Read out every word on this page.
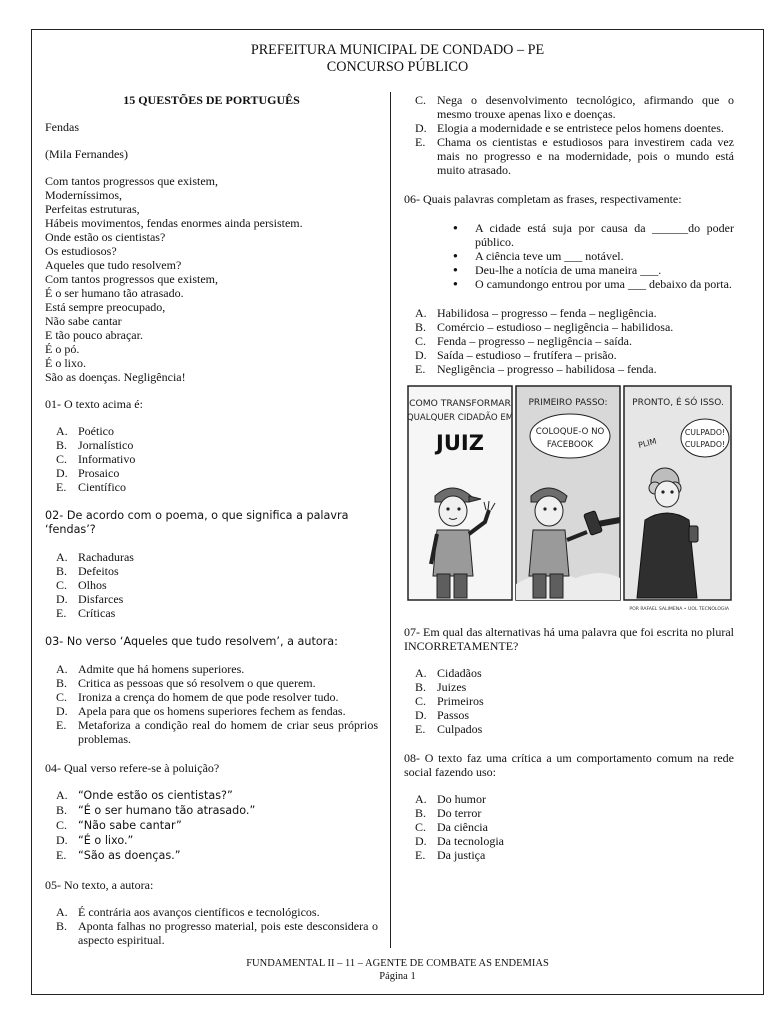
PREFEITURA MUNICIPAL DE CONDADO – PE
CONCURSO PÚBLICO

15 QUESTÕES DE PORTUGUÊS

Fendas

(Mila Fernandes)

Com tantos progressos que existem,

Moderníssimos,

Perfeitas estruturas,

Hábeis movimentos, fendas enormes ainda persistem.

Onde estão os cientistas?

Os estudiosos?

Aqueles que tudo resolvem?

Com tantos progressos que existem,

É o ser humano tão atrasado.

Está sempre preocupado,

Não sabe cantar

E tão pouco abraçar.

É o pó.

É o lixo.

São as doenças. Negligência!

01- O texto acima é:

A. Poético
B. Jornalístico
C. Informativo
D. Prosaico
E. Científico

02- De acordo com o poema, o que significa a palavra ‘fendas’?

A. Rachaduras
B. Defeitos
C. Olhos
D. Disfarces
E. Críticas

03- No verso ‘Aqueles que tudo resolvem’, a autora:

A. Admite que há homens superiores.
B. Critica as pessoas que só resolvem o que querem.
C. Ironiza a crença do homem de que pode resolver tudo.
D. Apela para que os homens superiores fechem as fendas.
E. Metaforiza a condição real do homem de criar seus próprios problemas.

04- Qual verso refere-se à poluição?

A. “Onde estão os cientistas?”
B. “É o ser humano tão atrasado.”
C. “Não sabe cantar”
D. “É o lixo.”
E. “São as doenças.”

05- No texto, a autora:

A. É contrária aos avanços científicos e tecnológicos.
B. Aponta falhas no progresso material, pois este desconsidera o aspecto espiritual.
C. Nega o desenvolvimento tecnológico, afirmando que o mesmo trouxe apenas lixo e doenças.
D. Elogia a modernidade e se entristece pelos homens doentes.
E. Chama os cientistas e estudiosos para investirem cada vez mais no progresso e na modernidade, pois o mundo está muito atrasado.

06- Quais palavras completam as frases, respectivamente:

● A cidade está suja por causa da ______do poder público.
● A ciência teve um ___ notável.
● Deu-lhe a notícia de uma maneira ___.
● O camundongo entrou por uma ___ debaixo da porta.
A. Habilidosa – progresso – fenda – negligência.
B. Comércio – estudioso – negligência – habilidosa.
C. Fenda – progresso – negligência – saída.
D. Saída – estudioso – frutífera – prisão.
E. Negligência – progresso – habilidosa – fenda.
COMO TRANSFORMAR
QUALQUER CIDADÃO EM
JUIZ
PRIMEIRO PASSO:
COLOQUE-O NO
FACEBOOK
PRONTO, É SÓ ISSO.
PLIM
CULPADO!
CULPADO!
POR RAFAEL SALIMENA • UOL TECNOLOGIA

07- Em qual das alternativas há uma palavra que foi escrita no plural INCORRETAMENTE?

A. Cidadãos
B. Juizes
C. Primeiros
D. Passos
E. Culpados

08- O texto faz uma crítica a um comportamento comum na rede social fazendo uso:

A. Do humor
B. Do terror
C. Da ciência
D. Da tecnologia
E. Da justiça
FUNDAMENTAL II – 11 – AGENTE DE COMBATE AS ENDEMIAS
Página 1
